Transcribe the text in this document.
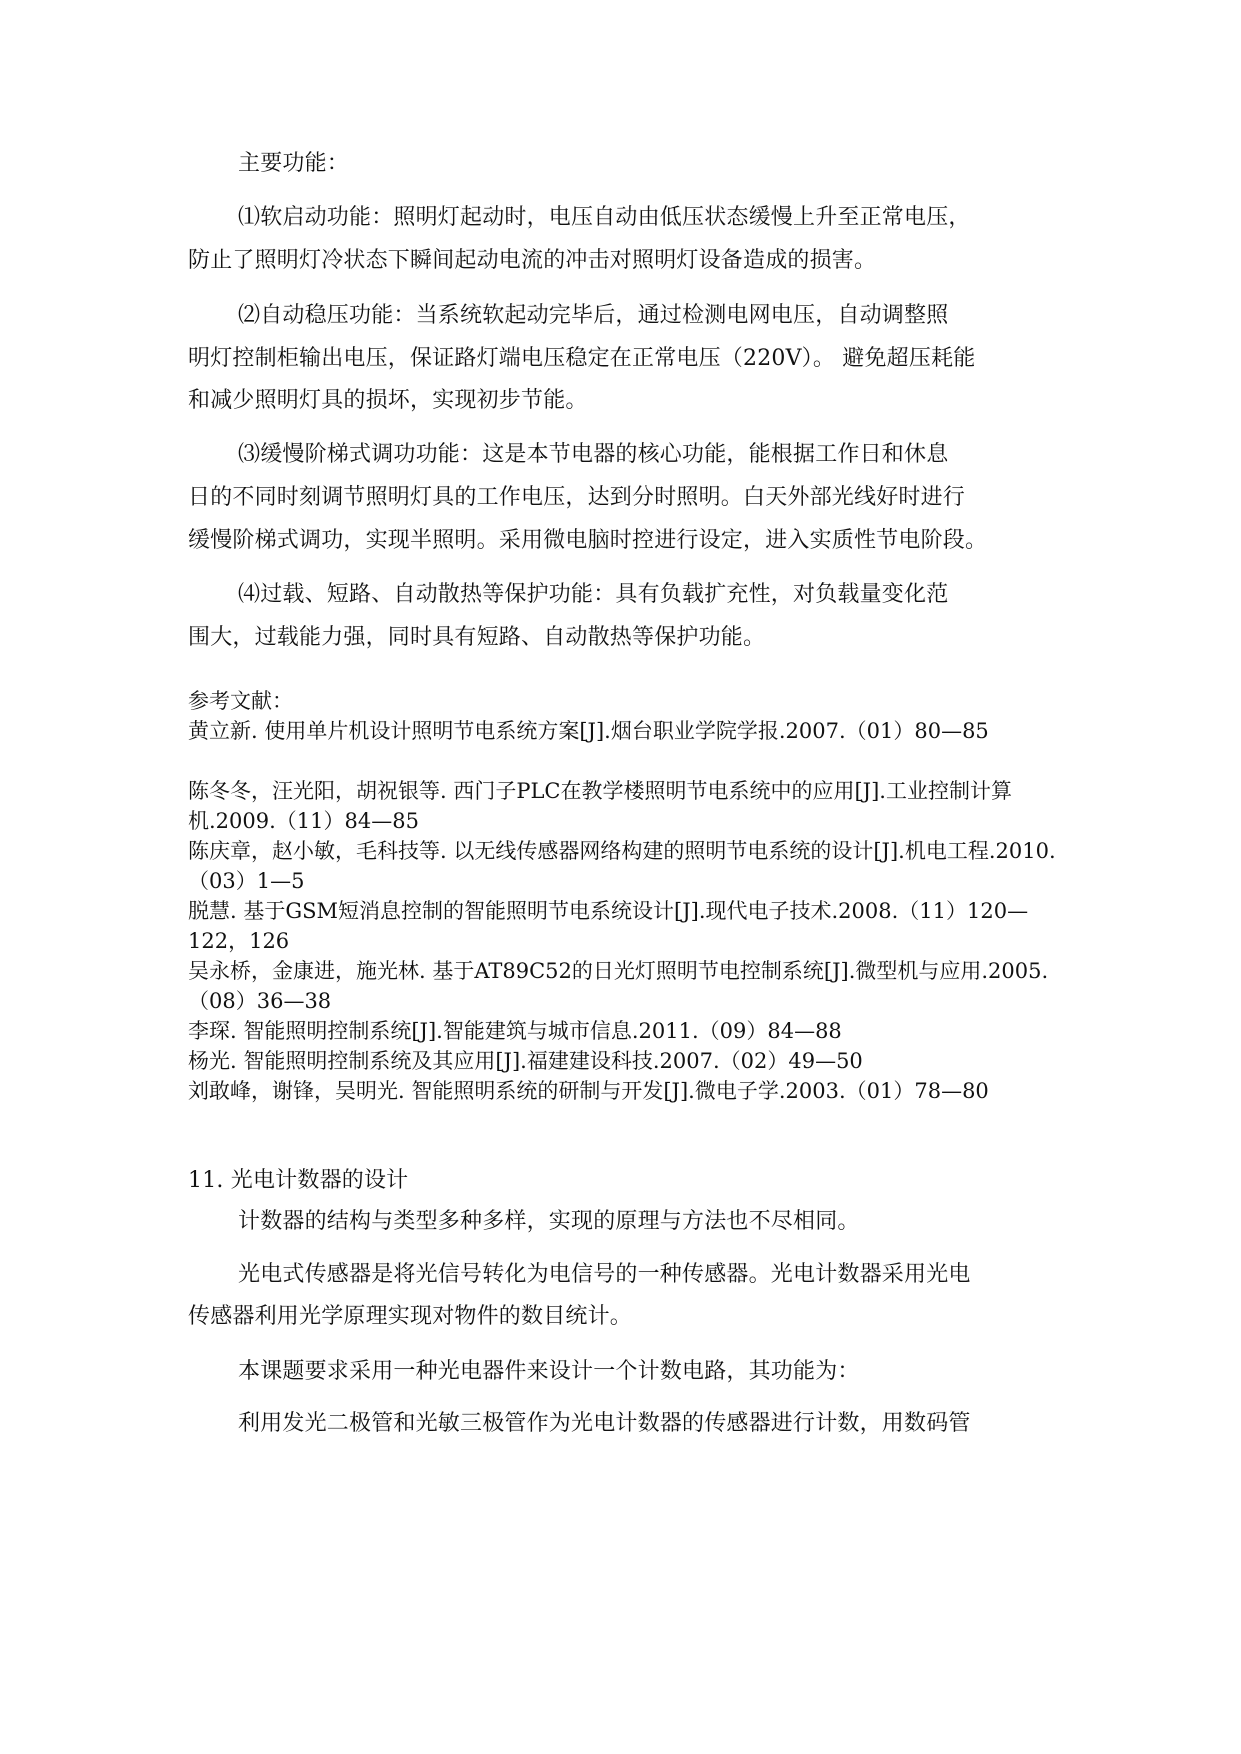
主要功能：
⑴软启动功能：照明灯起动时，电压自动由低压状态缓慢上升至正常电压，
防止了照明灯冷状态下瞬间起动电流的冲击对照明灯设备造成的损害。
⑵自动稳压功能：当系统软起动完毕后，通过检测电网电压，自动调整照
明灯控制柜输出电压，保证路灯端电压稳定在正常电压（220V）。 避免超压耗能
和减少照明灯具的损坏，实现初步节能。
⑶缓慢阶梯式调功功能：这是本节电器的核心功能，能根据工作日和休息
日的不同时刻调节照明灯具的工作电压，达到分时照明。白天外部光线好时进行
缓慢阶梯式调功，实现半照明。采用微电脑时控进行设定，进入实质性节电阶段。
⑷过载、短路、自动散热等保护功能：具有负载扩充性，对负载量变化范
围大，过载能力强，同时具有短路、自动散热等保护功能。
参考文献：
黄立新. 使用单片机设计照明节电系统方案[J].烟台职业学院学报.2007.（01）80—85
陈冬冬，汪光阳，胡祝银等. 西门子PLC在教学楼照明节电系统中的应用[J].工业控制计算机.2009.（11）84—85
陈庆章，赵小敏，毛科技等. 以无线传感器网络构建的照明节电系统的设计[J].机电工程.2010.（03）1—5
脱慧. 基于GSM短消息控制的智能照明节电系统设计[J].现代电子技术.2008.（11）120—122，126
吴永桥，金康进，施光林. 基于AT89C52的日光灯照明节电控制系统[J].微型机与应用.2005.（08）36—38
李琛. 智能照明控制系统[J].智能建筑与城市信息.2011.（09）84—88
杨光. 智能照明控制系统及其应用[J].福建建设科技.2007.（02）49—50
刘敢峰，谢锋，吴明光. 智能照明系统的研制与开发[J].微电子学.2003.（01）78—80
11. 光电计数器的设计
计数器的结构与类型多种多样，实现的原理与方法也不尽相同。
光电式传感器是将光信号转化为电信号的一种传感器。光电计数器采用光电
传感器利用光学原理实现对物件的数目统计。
本课题要求采用一种光电器件来设计一个计数电路，其功能为：
利用发光二极管和光敏三极管作为光电计数器的传感器进行计数，用数码管
